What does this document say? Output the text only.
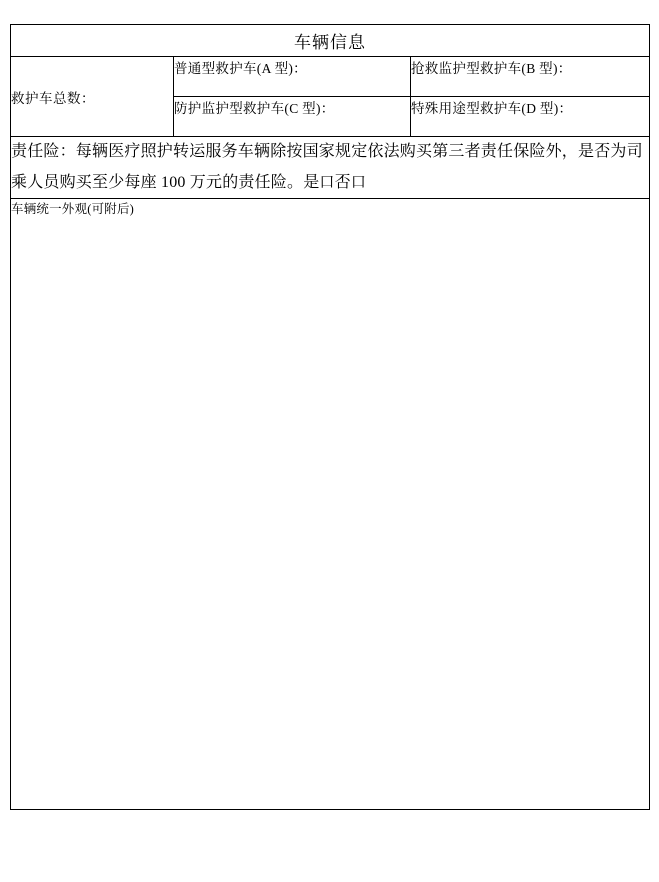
车辆信息		
救护车总数：	普通型救护车(A 型)：	抢救监护型救护车(B 型)：
	防护监护型救护车(C 型)：	特殊用途型救护车(D 型)：
责任险：每辆医疗照护转运服务车辆除按国家规定依法购买第三者责任保险外，是否为司乘人员购买至少每座 100 万元的责任险。是口否口		

车辆统一外观(可附后)		
